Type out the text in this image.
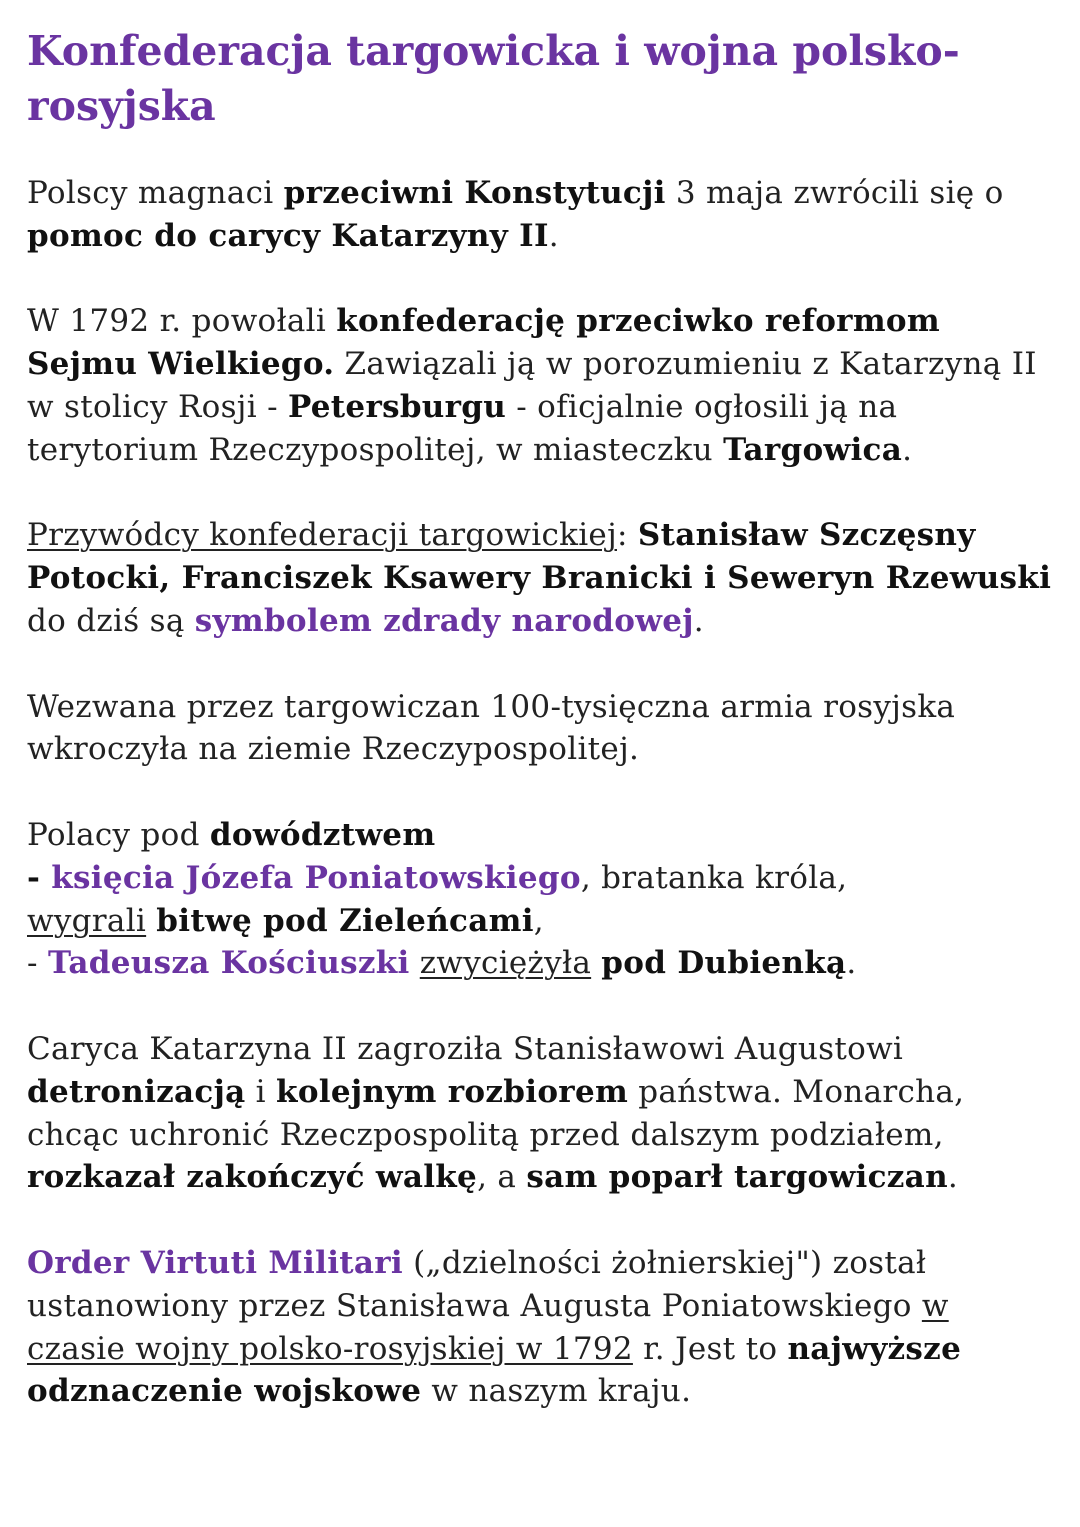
Konfederacja targowicka i wojna polsko-rosyjska

Polscy magnaci przeciwni Konstytucji 3 maja zwrócili się o pomoc do carycy Katarzyny II.

W 1792 r. powołali konfederację przeciwko reformom Sejmu Wielkiego. Zawiązali ją w porozumieniu z Katarzyną II w stolicy Rosji - Petersburgu - oficjalnie ogłosili ją na terytorium Rzeczypospolitej, w miasteczku Targowica.

Przywódcy konfederacji targowickiej: Stanisław Szczęsny Potocki, Franciszek Ksawery Branicki i Seweryn Rzewuski do dziś są symbolem zdrady narodowej.

Wezwana przez targowiczan 100-tysięczna armia rosyjska wkroczyła na ziemie Rzeczypospolitej.

Polacy pod dowództwem
- księcia Józefa Poniatowskiego, bratanka króla,
wygrali bitwę pod Zieleńcami,
- Tadeusza Kościuszki zwyciężyła pod Dubienką.

Caryca Katarzyna II zagroziła Stanisławowi Augustowi detronizacją i kolejnym rozbiorem państwa. Monarcha, chcąc uchronić Rzeczpospolitą przed dalszym podziałem, rozkazał zakończyć walkę, a sam poparł targowiczan.

Order Virtuti Militari („dzielności żołnierskiej") został ustanowiony przez Stanisława Augusta Poniatowskiego w czasie wojny polsko-rosyjskiej w 1792 r. Jest to najwyższe odznaczenie wojskowe w naszym kraju.
